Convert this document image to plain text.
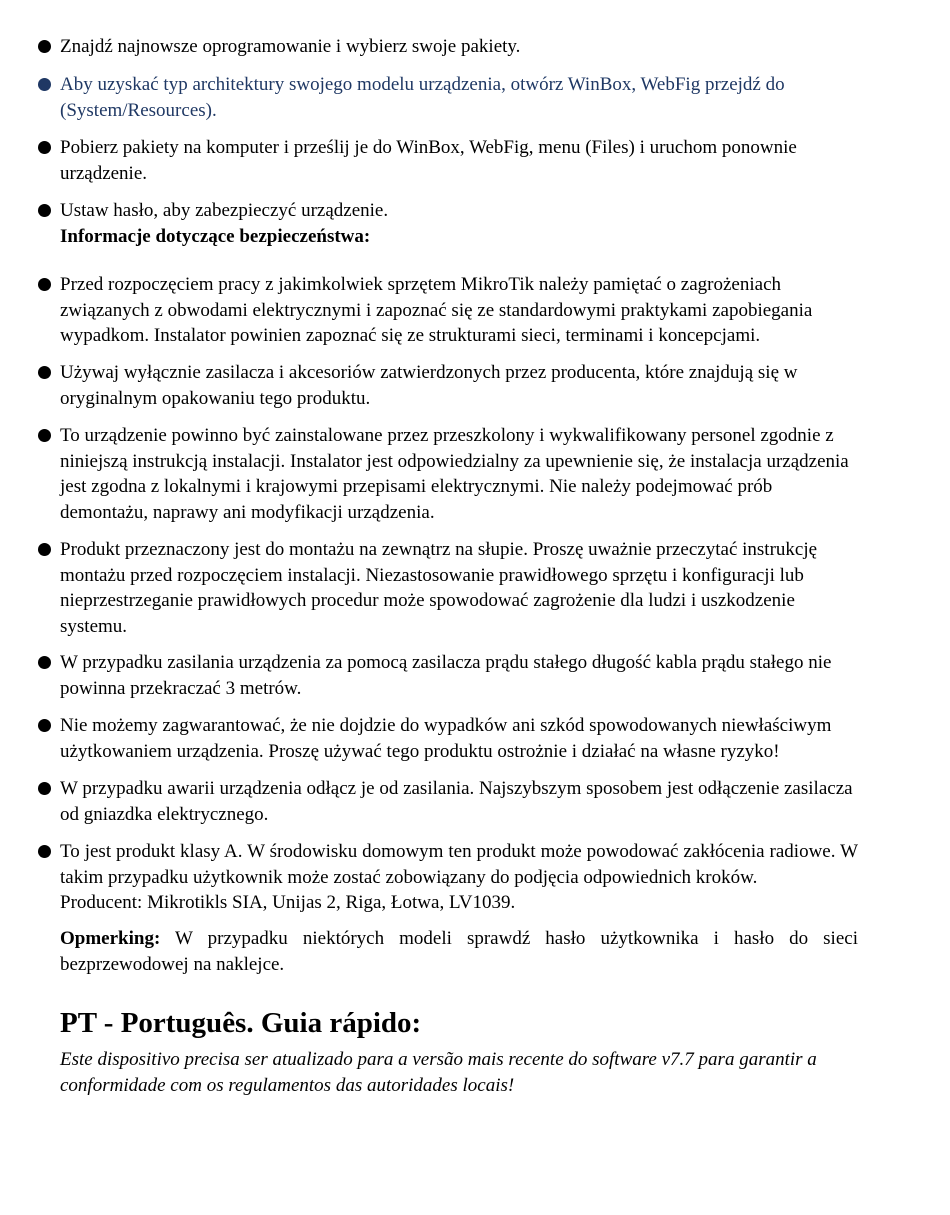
Znajdź najnowsze oprogramowanie i wybierz swoje pakiety.
Aby uzyskać typ architektury swojego modelu urządzenia, otwórz WinBox, WebFig przejdź do (System/Resources).
Pobierz pakiety na komputer i prześlij je do WinBox, WebFig, menu (Files) i uruchom ponownie urządzenie.
Ustaw hasło, aby zabezpieczyć urządzenie.
Informacje dotyczące bezpieczeństwa:
Przed rozpoczęciem pracy z jakimkolwiek sprzętem MikroTik należy pamiętać o zagrożeniach związanych z obwodami elektrycznymi i zapoznać się ze standardowymi praktykami zapobiegania wypadkom. Instalator powinien zapoznać się ze strukturami sieci, terminami i koncepcjami.
Używaj wyłącznie zasilacza i akcesoriów zatwierdzonych przez producenta, które znajdują się w oryginalnym opakowaniu tego produktu.
To urządzenie powinno być zainstalowane przez przeszkolony i wykwalifikowany personel zgodnie z niniejszą instrukcją instalacji. Instalator jest odpowiedzialny za upewnienie się, że instalacja urządzenia jest zgodna z lokalnymi i krajowymi przepisami elektrycznymi. Nie należy podejmować prób demontażu, naprawy ani modyfikacji urządzenia.
Produkt przeznaczony jest do montażu na zewnątrz na słupie. Proszę uważnie przeczytać instrukcję montażu przed rozpoczęciem instalacji. Niezastosowanie prawidłowego sprzętu i konfiguracji lub nieprzestrzeganie prawidłowych procedur może spowodować zagrożenie dla ludzi i uszkodzenie systemu.
W przypadku zasilania urządzenia za pomocą zasilacza prądu stałego długość kabla prądu stałego nie powinna przekraczać 3 metrów.
Nie możemy zagwarantować, że nie dojdzie do wypadków ani szkód spowodowanych niewłaściwym użytkowaniem urządzenia. Proszę używać tego produktu ostrożnie i działać na własne ryzyko!
W przypadku awarii urządzenia odłącz je od zasilania. Najszybszym sposobem jest odłączenie zasilacza od gniazdka elektrycznego.
To jest produkt klasy A. W środowisku domowym ten produkt może powodować zakłócenia radiowe. W takim przypadku użytkownik może zostać zobowiązany do podjęcia odpowiednich kroków.
Producent: Mikrotikls SIA, Unijas 2, Riga, Łotwa, LV1039.

Opmerking: W przypadku niektórych modeli sprawdź hasło użytkownika i hasło do sieci bezprzewodowej na naklejce.

PT - Português. Guia rápido:

Este dispositivo precisa ser atualizado para a versão mais recente do software v7.7 para garantir a conformidade com os regulamentos das autoridades locais!
